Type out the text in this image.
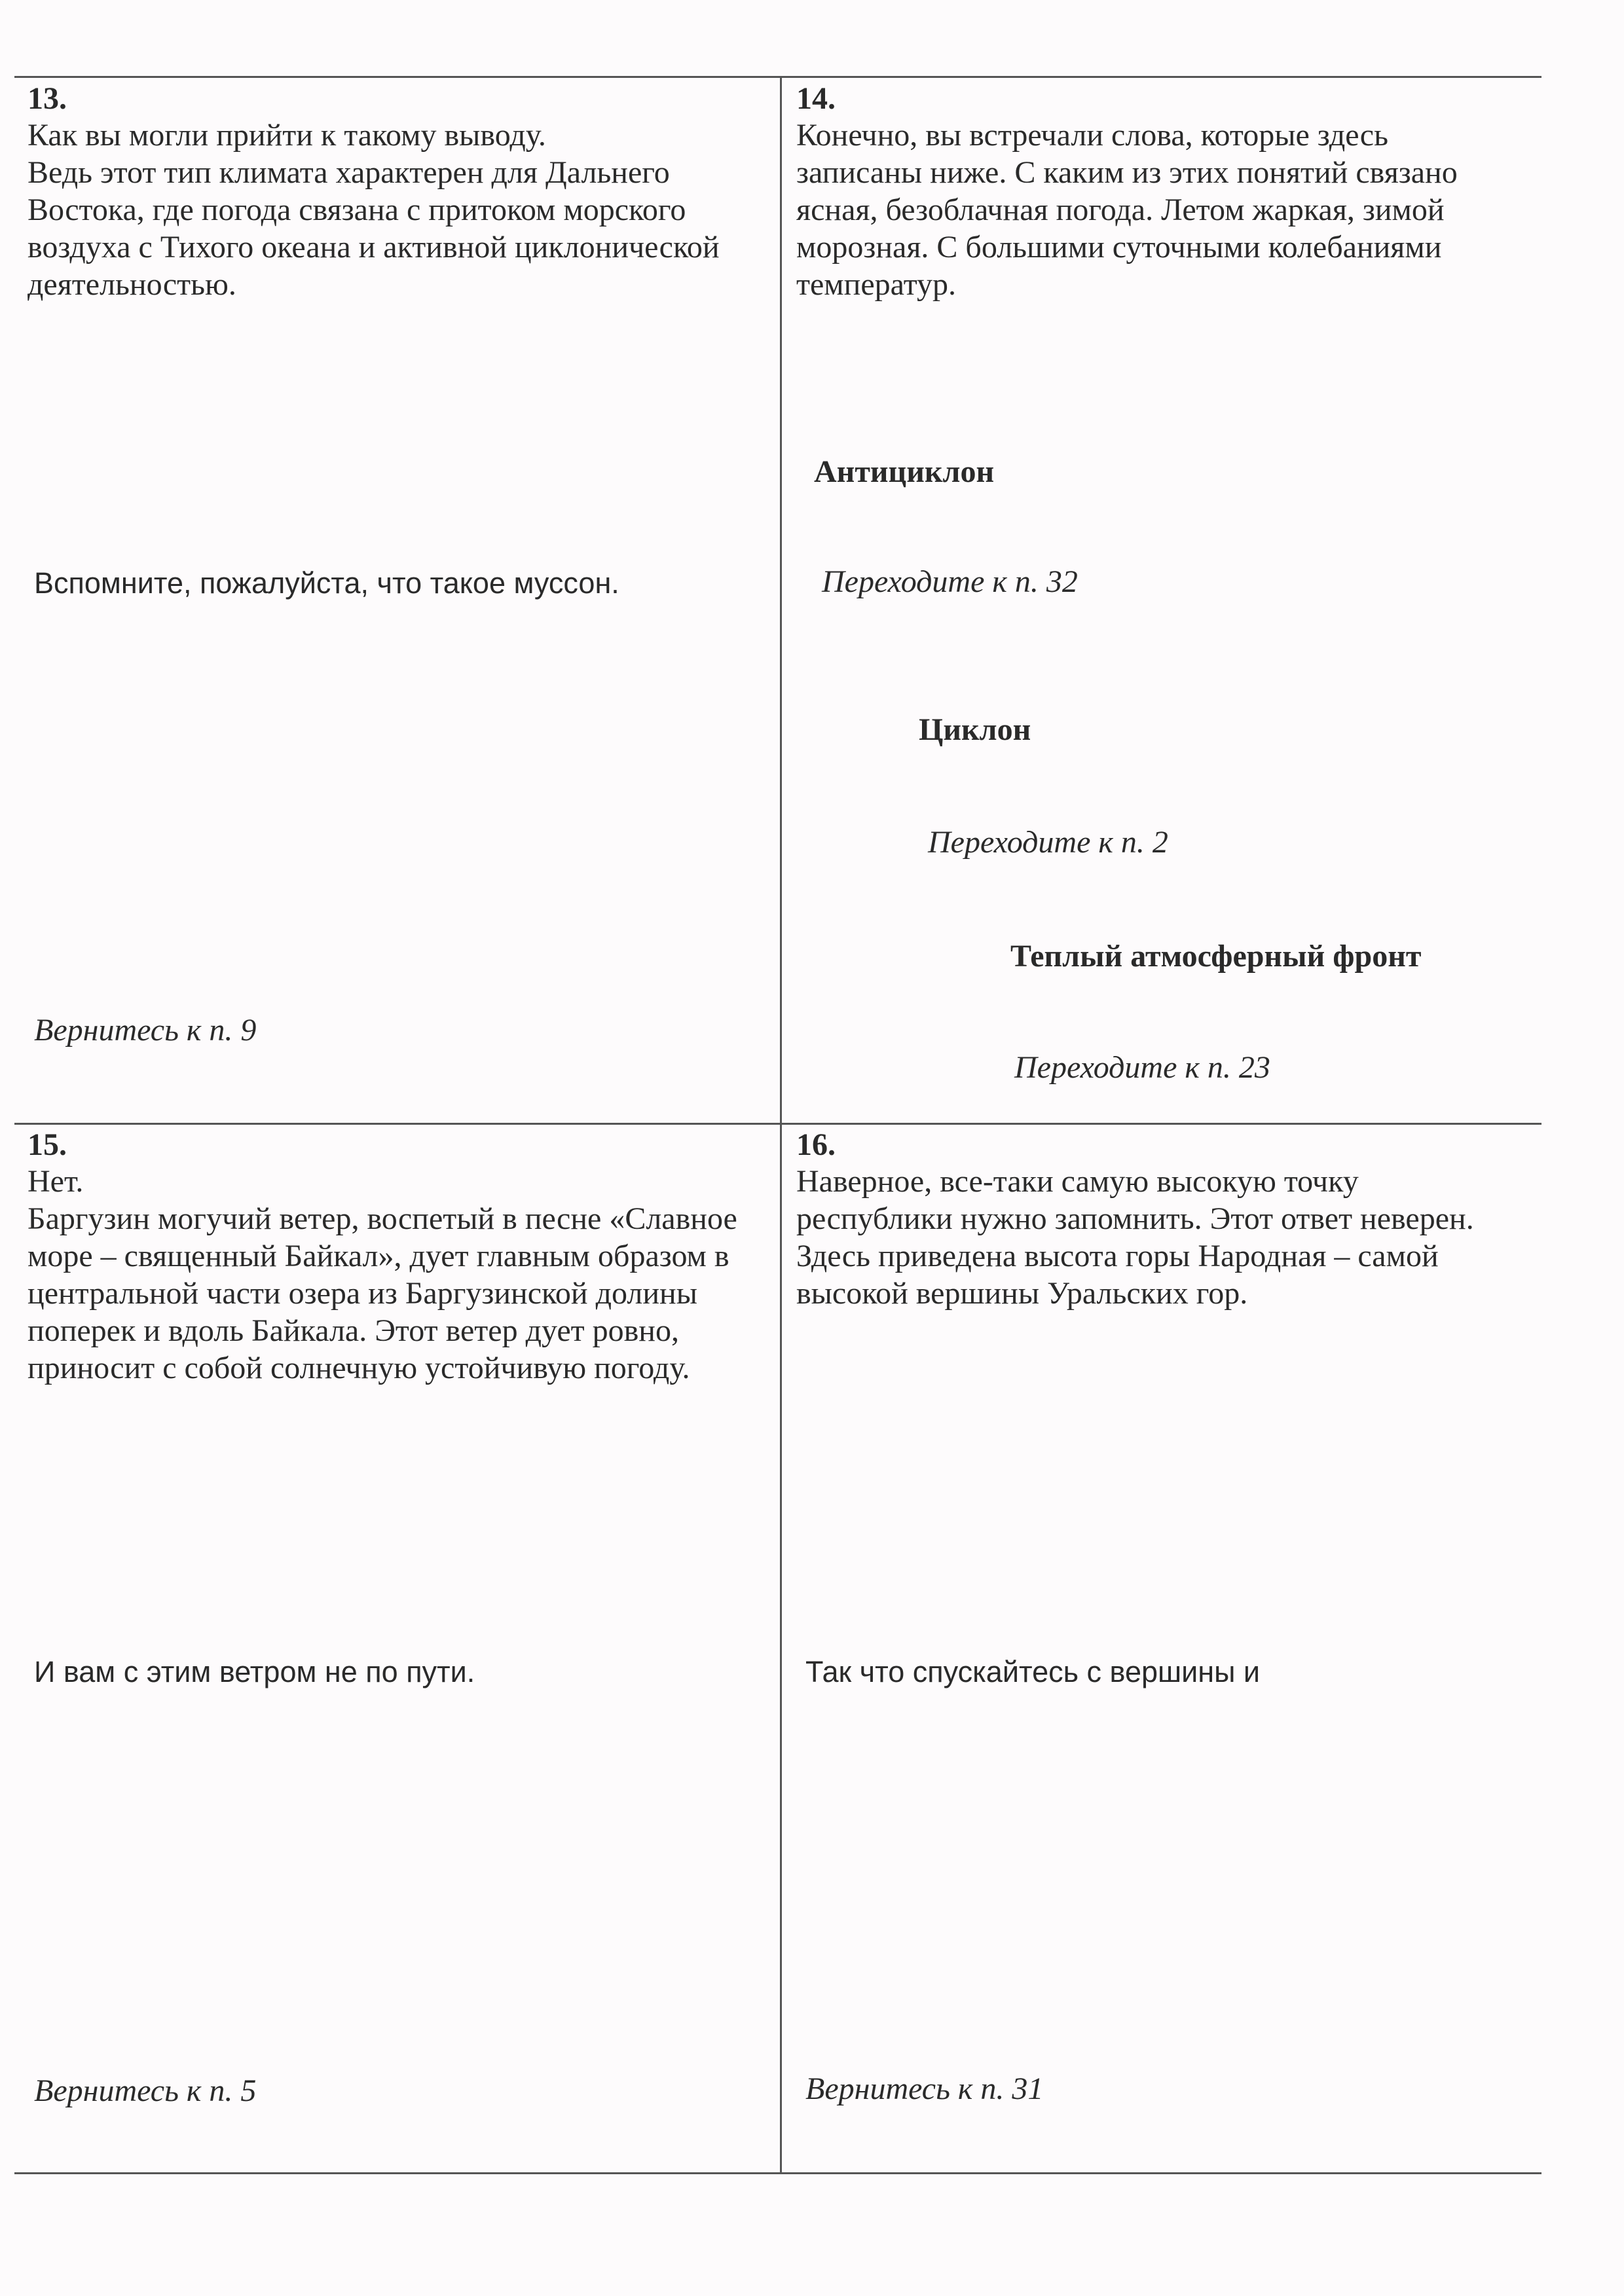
13.
Как вы могли прийти к такому выводу.
Ведь этот тип климата характерен для Дальнего
Востока, где погода связана с притоком морского
воздуха с Тихого океана и активной циклонической
деятельностью.
Вспомните, пожалуйста, что такое муссон.
Вернитесь к п. 9
14.
Конечно, вы встречали слова, которые здесь
записаны ниже. С каким из этих понятий связано
ясная, безоблачная погода. Летом жаркая, зимой
морозная. С большими суточными колебаниями
температур.
Антициклон
Переходите к п. 32
Циклон
Переходите к п. 2
Теплый атмосферный фронт
Переходите к п. 23
15.
Нет.
Баргузин могучий ветер, воспетый в песне «Славное
море – священный Байкал», дует главным образом в
центральной части озера из Баргузинской долины
поперек и вдоль Байкала. Этот ветер дует ровно,
приносит с собой солнечную устойчивую погоду.
И вам с этим ветром не по пути.
Вернитесь к п. 5
16.
Наверное, все-таки самую высокую точку
республики нужно запомнить. Этот ответ неверен.
Здесь приведена высота горы Народная – самой
высокой вершины Уральских гор.
Так что спускайтесь с вершины и
Вернитесь к п. 31
